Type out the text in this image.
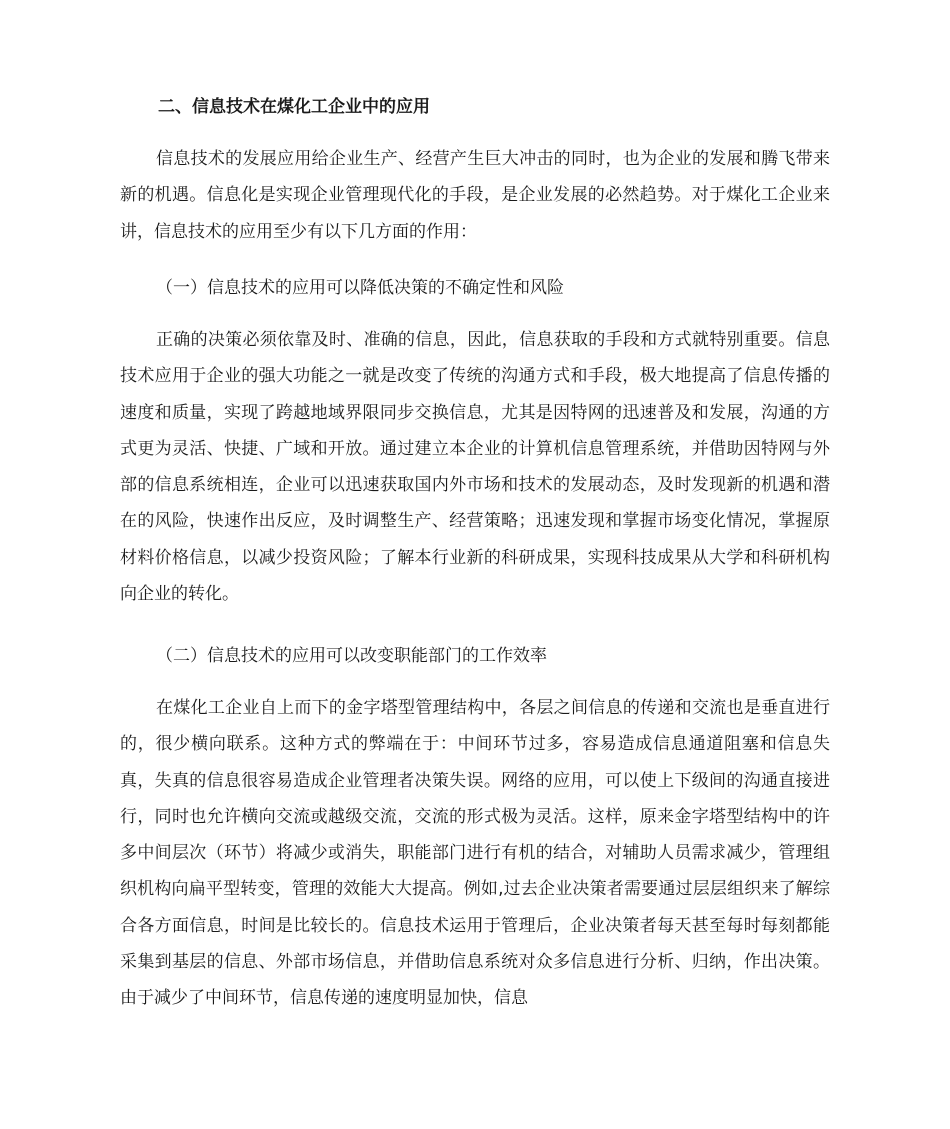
二、信息技术在煤化工企业中的应用

信息技术的发展应用给企业生产、经营产生巨大冲击的同时，也为企业的发展和腾飞带来新的机遇。信息化是实现企业管理现代化的手段，是企业发展的必然趋势。对于煤化工企业来讲，信息技术的应用至少有以下几方面的作用：

（一）信息技术的应用可以降低决策的不确定性和风险

正确的决策必须依靠及时、准确的信息，因此，信息获取的手段和方式就特别重要。信息技术应用于企业的强大功能之一就是改变了传统的沟通方式和手段，极大地提高了信息传播的速度和质量，实现了跨越地域界限同步交换信息，尤其是因特网的迅速普及和发展，沟通的方式更为灵活、快捷、广域和开放。通过建立本企业的计算机信息管理系统，并借助因特网与外部的信息系统相连，企业可以迅速获取国内外市场和技术的发展动态，及时发现新的机遇和潜在的风险，快速作出反应，及时调整生产、经营策略；迅速发现和掌握市场变化情况，掌握原材料价格信息，以减少投资风险；了解本行业新的科研成果，实现科技成果从大学和科研机构向企业的转化。

（二）信息技术的应用可以改变职能部门的工作效率

在煤化工企业自上而下的金字塔型管理结构中，各层之间信息的传递和交流也是垂直进行的，很少横向联系。这种方式的弊端在于：中间环节过多，容易造成信息通道阻塞和信息失真，失真的信息很容易造成企业管理者决策失误。网络的应用，可以使上下级间的沟通直接进行，同时也允许横向交流或越级交流，交流的形式极为灵活。这样，原来金字塔型结构中的许多中间层次（环节）将减少或消失，职能部门进行有机的结合，对辅助人员需求减少，管理组织机构向扁平型转变，管理的效能大大提高。例如,过去企业决策者需要通过层层组织来了解综合各方面信息，时间是比较长的。信息技术运用于管理后，企业决策者每天甚至每时每刻都能采集到基层的信息、外部市场信息，并借助信息系统对众多信息进行分析、归纳，作出决策。由于减少了中间环节，信息传递的速度明显加快，信息
